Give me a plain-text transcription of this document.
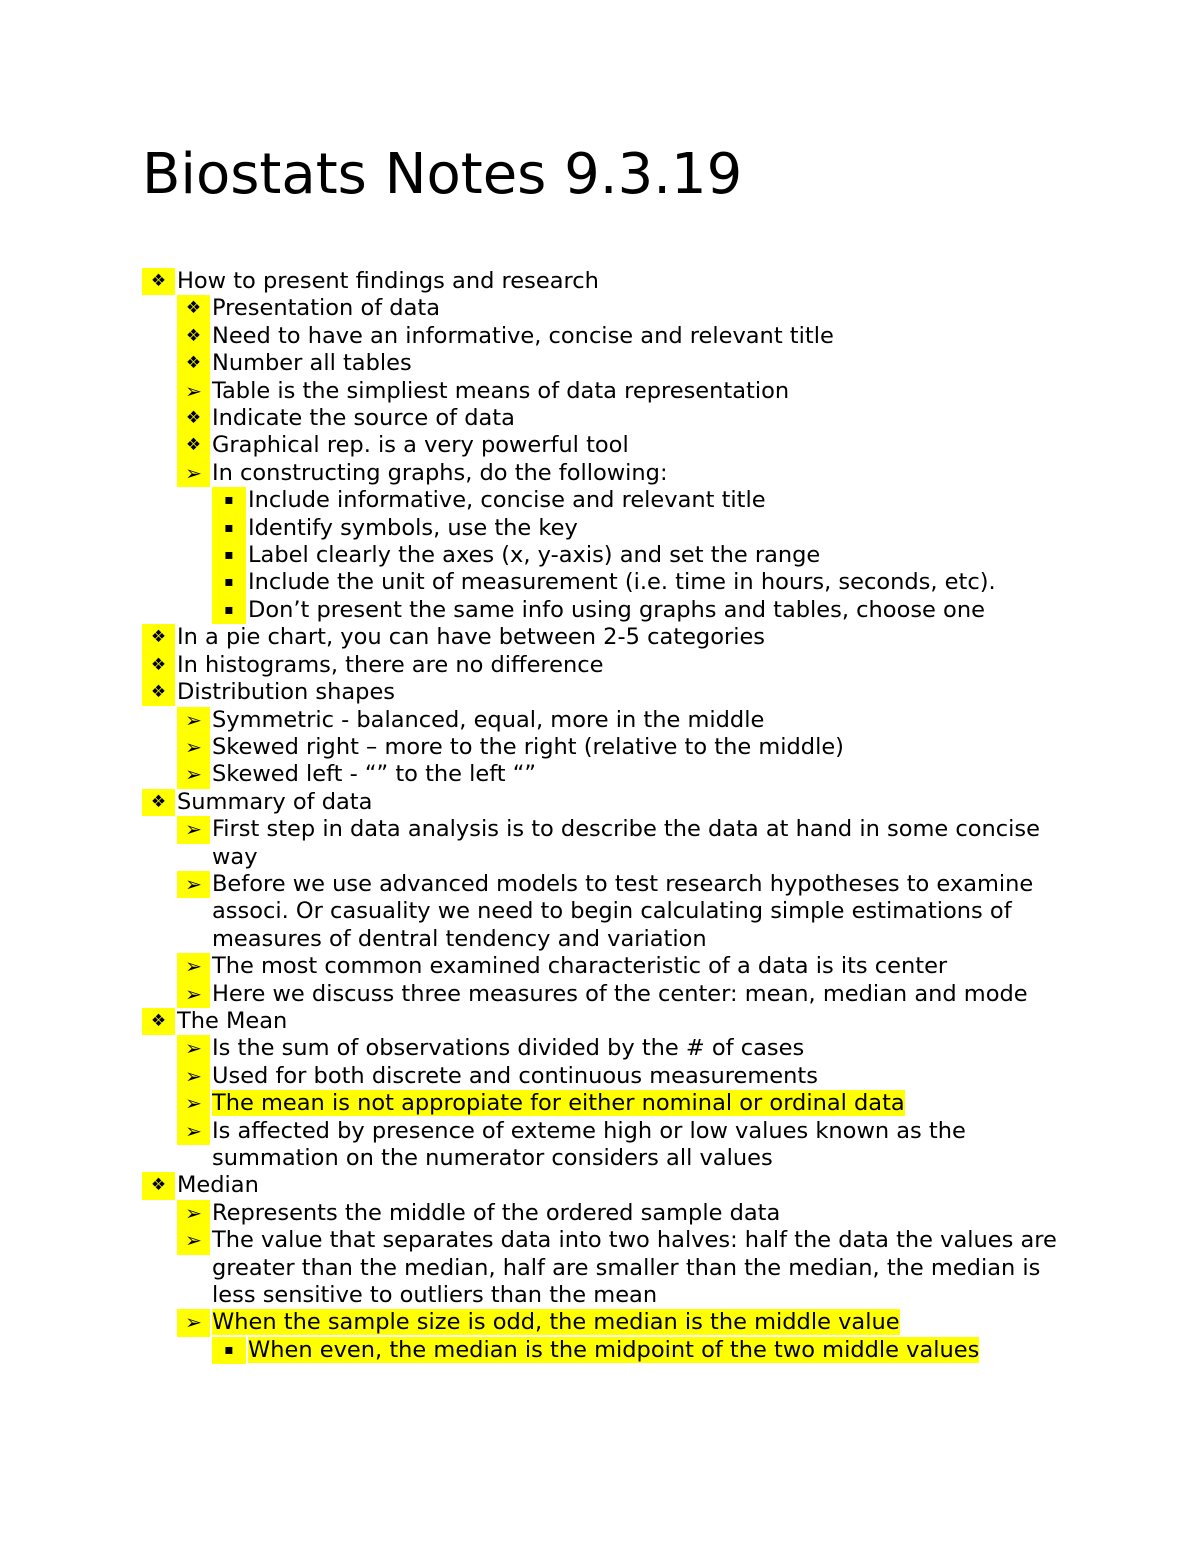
Biostats Notes 9.3.19
❖ How to present findings and research
❖ Presentation of data
❖ Need to have an informative, concise and relevant title
❖ Number all tables
➢ Table is the simpliest means of data representation
❖ Indicate the source of data
❖ Graphical rep. is a very powerful tool
➢ In constructing graphs, do the following:
▪ Include informative, concise and relevant title
▪ Identify symbols, use the key
▪ Label clearly the axes (x, y-axis) and set the range
▪ Include the unit of measurement (i.e. time in hours, seconds, etc).
▪ Don’t present the same info using graphs and tables, choose one
❖ In a pie chart, you can have between 2-5 categories
❖ In histograms, there are no difference
❖ Distribution shapes
➢ Symmetric - balanced, equal, more in the middle
➢ Skewed right – more to the right (relative to the middle)
➢ Skewed left - “” to the left “”
❖ Summary of data
➢ First step in data analysis is to describe the data at hand in some concise way
➢ Before we use advanced models to test research hypotheses to examine associ. Or casuality we need to begin calculating simple estimations of measures of dentral tendency and variation
➢ The most common examined characteristic of a data is its center
➢ Here we discuss three measures of the center: mean, median and mode
❖ The Mean
➢ Is the sum of observations divided by the # of cases
➢ Used for both discrete and continuous measurements
➢ The mean is not appropiate for either nominal or ordinal data
➢ Is affected by presence of exteme high or low values known as the summation on the numerator considers all values
❖ Median
➢ Represents the middle of the ordered sample data
➢ The value that separates data into two halves: half the data the values are greater than the median, half are smaller than the median, the median is less sensitive to outliers than the mean
➢ When the sample size is odd, the median is the middle value
▪ When even, the median is the midpoint of the two middle values
